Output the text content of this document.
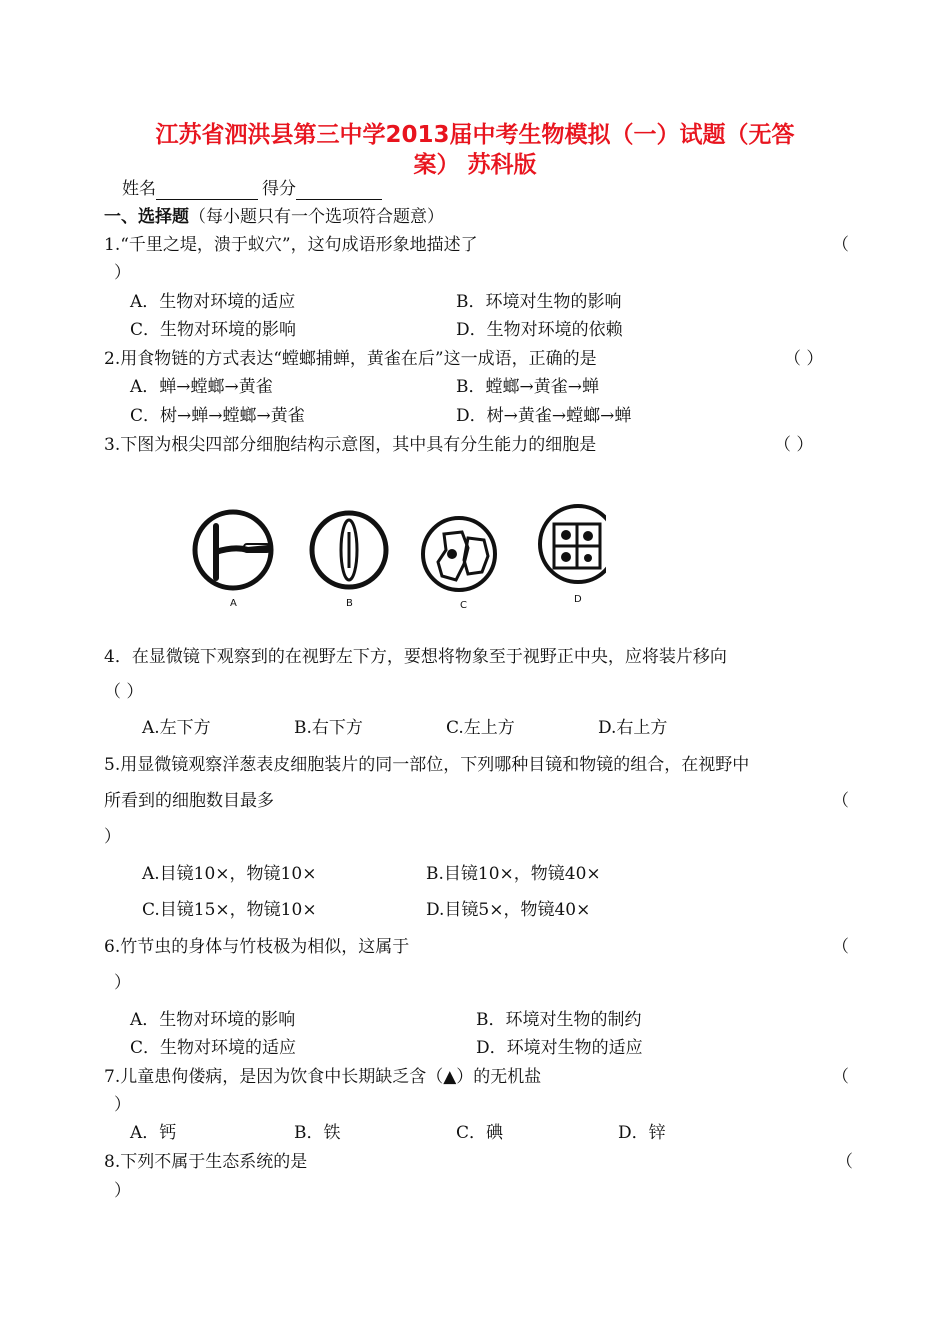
江苏省泗洪县第三中学2013届中考生物模拟（一）试题（无答
案） 苏科版
姓名	得分
一、选择题（每小题只有一个选项符合题意）
1.“千里之堤，溃于蚁穴”，这句成语形象地描述了	（
）
A．生物对环境的适应	B．环境对生物的影响
C．生物对环境的影响	D．生物对环境的依赖
2.用食物链的方式表达“螳螂捕蝉，黄雀在后”这一成语，正确的是	（ ）
A．蝉→螳螂→黄雀	B．螳螂→黄雀→蝉
C．树→蝉→螳螂→黄雀	D．树→黄雀→螳螂→蝉
3.下图为根尖四部分细胞结构示意图，其中具有分生能力的细胞是	（ ）
A	B	C
D
4．在显微镜下观察到的在视野左下方，要想将物象至于视野正中央，应将装片移向
（ ）
A.左下方	B.右下方	C.左上方	D.右上方
5.用显微镜观察洋葱表皮细胞装片的同一部位，下列哪种目镜和物镜的组合，在视野中
所看到的细胞数目最多	（
）
A.目镜10×，物镜10×	B.目镜10×，物镜40×
C.目镜15×，物镜10×	D.目镜5×，物镜40×
6.竹节虫的身体与竹枝极为相似，这属于	（
）
A．生物对环境的影响	B．环境对生物的制约
C．生物对环境的适应	D．环境对生物的适应
7.儿童患佝偻病，是因为饮食中长期缺乏含（▲）的无机盐	（
）
A．钙	B．铁	C．碘	D．锌
8.下列不属于生态系统的是	（
）
